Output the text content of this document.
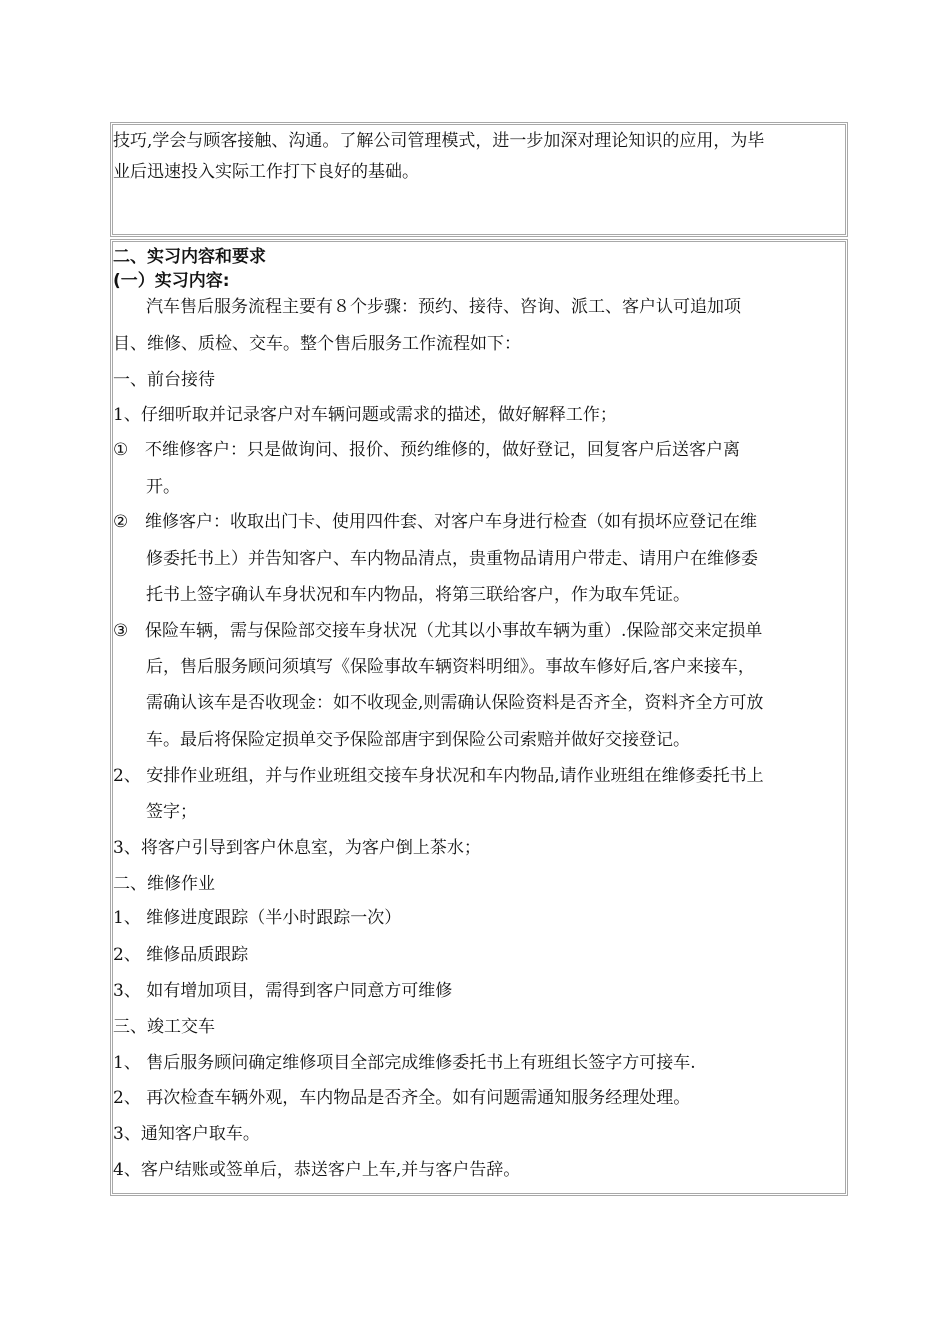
技巧,学会与顾客接触、沟通。了解公司管理模式，进一步加深对理论知识的应用，为毕
业后迅速投入实际工作打下良好的基础。
二、实习内容和要求
(一）实习内容:
汽车售后服务流程主要有８个步骤：预约、接待、咨询、派工、客户认可追加项
目、维修、质检、交车。整个售后服务工作流程如下：
一、前台接待
1、仔细听取并记录客户对车辆问题或需求的描述，做好解释工作；
① 不维修客户：只是做询问、报价、预约维修的，做好登记，回复客户后送客户离
开。
② 维修客户：收取出门卡、使用四件套、对客户车身进行检查（如有损坏应登记在维
修委托书上）并告知客户、车内物品清点，贵重物品请用户带走、请用户在维修委
托书上签字确认车身状况和车内物品，将第三联给客户，作为取车凭证。
③ 保险车辆，需与保险部交接车身状况（尤其以小事故车辆为重）.保险部交来定损单
后，售后服务顾问须填写《保险事故车辆资料明细》。事故车修好后,客户来接车，
需确认该车是否收现金：如不收现金,则需确认保险资料是否齐全，资料齐全方可放
车。最后将保险定损单交予保险部唐宇到保险公司索赔并做好交接登记。
2、 安排作业班组，并与作业班组交接车身状况和车内物品,请作业班组在维修委托书上
签字；
3、将客户引导到客户休息室，为客户倒上茶水；
二、维修作业
1、 维修进度跟踪（半小时跟踪一次）
2、 维修品质跟踪
3、 如有增加项目，需得到客户同意方可维修
三、竣工交车
1、 售后服务顾问确定维修项目全部完成维修委托书上有班组长签字方可接车.
2、 再次检查车辆外观，车内物品是否齐全。如有问题需通知服务经理处理。
3、通知客户取车。
4、客户结账或签单后，恭送客户上车,并与客户告辞。
